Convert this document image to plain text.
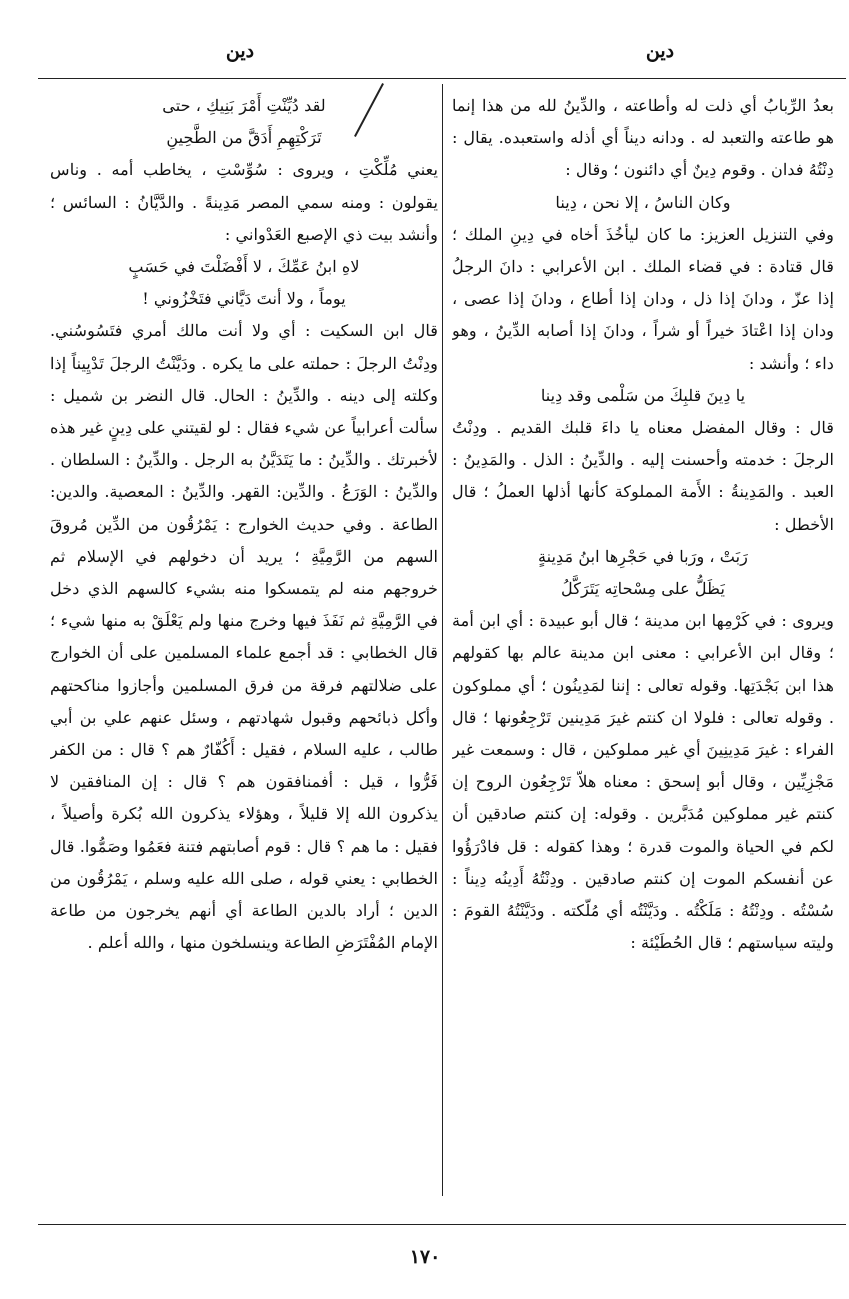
دين
دين

بعدُ الرِّبابُ أي ذلت له وأطاعته ، والدِّينُ لله من هذا إنما هو طاعته والتعبد له . ودانه ديناً أي أذله واستعبده. يقال : دِنْتُهُ فدان . وقوم دِينٌ أي دائنون ؛ وقال :

وكان الناسُ ، إلا نحن ، دِينا

وفي التنزيل العزيز: ما كان ليأخُذَ أخاه في دِينِ الملك ؛ قال قتادة : في قضاء الملك . ابن الأعرابي : دانَ الرجلُ إذا عزّ ، ودانَ إذا ذل ، ودان إذا أطاع ، ودانَ إذا عصى ، ودان إذا اعْتادَ خيراً أو شراً ، ودانَ إذا أصابه الدِّينُ ، وهو داء ؛ وأنشد :

يا دِينَ قلبِكَ من سَلْمى وقد دِينا

قال : وقال المفضل معناه يا داءَ قلبك القديم . ودِنْتُ الرجلَ : خدمته وأحسنت إليه . والدِّينُ : الذل . والمَدِينُ : العبد . والمَدِينةُ : الأَمة المملوكة كأنها أذلها العملُ ؛ قال الأخطل :

رَبَتْ ، ورَبا في حَجْرِها ابنُ مَدِينةٍ

يَظَلُّ على مِسْحاتِه يَتَرَكَّلُ

ويروى : في كَرْمِها ابن مدينة ؛ قال أبو عبيدة : أي ابن أمة ؛ وقال ابن الأعرابي : معنى ابن مدينة عالم بها كقولهم هذا ابن بَجْدَتِها. وقوله تعالى : إننا لمَدِينُون ؛ أي مملوكون . وقوله تعالى : فلولا ان كنتم غيرَ مَدِينين تَرْجِعُونها ؛ قال الفراء : غيرَ مَدِينِينَ أي غير مملوكين ، قال : وسمعت غير مَجْزِيِّين ، وقال أبو إسحق : معناه هلاّ تَرْجِعُون الروح إن كنتم غير مملوكين مُدَبَّرين . وقوله: إن كنتم صادقين أن لكم في الحياة والموت قدرة ؛ وهذا كقوله : قل فادْرَؤُوا عن أنفسكم الموت إن كنتم صادقين . ودِنْتُهُ أَدِينُه دِيناً : سُسْتُه . ودِنْتُهُ : مَلَكْتُه . ودَيَّنْتُه أي مُلّكته . ودَيَّنْتُهُ القومَ : وليته سياستهم ؛ قال الحُطَيْئة :

لقد دُيِّنْتِ أَمْرَ بَنِيكِ ، حتى

تَرَكْتِهِمِ أَدَقَّ من الطَّحِينِ

يعني مُلِّكْتِ ، ويروى : سُوِّسْتِ ، يخاطب أمه . وناس يقولون : ومنه سمي المصر مَدِينةً . والدَّيَّانُ : السائس ؛ وأنشد بيت ذي الإصبع العَدْواني :

لاهِ ابنُ عَمِّكَ ، لا أَفْضَلْتَ في حَسَبٍ

يوماً ، ولا أنتَ دَيَّاني فتَخْزُوني !

قال ابن السكيت : أي ولا أنت مالك أمري فتَسُوسُني. ودِنْتُ الرجلَ : حملته على ما يكره . ودَيَّنْتُ الرجلَ تَدْيِيناً إذا وكلته إلى دينه . والدِّينُ : الحال. قال النضر بن شميل : سألت أعرابياً عن شيء فقال : لو لقيتني على دِينٍ غير هذه لأخبرتك . والدِّينُ : ما يَتَدَيَّنُ به الرجل . والدِّينُ : السلطان . والدِّينُ : الوَرَعُ . والدِّين: القهر. والدِّينُ : المعصية. والدين: الطاعة . وفي حديث الخوارج : يَمْرُقُون من الدِّين مُروقَ السهم من الرَّمِيَّةِ ؛ يريد أن دخولهم في الإسلام ثم خروجهم منه لم يتمسكوا منه بشيء كالسهم الذي دخل في الرَّمِيَّةِ ثم نَفَذَ فيها وخرج منها ولم يَعْلَقْ به منها شيء ؛ قال الخطابي : قد أجمع علماء المسلمين على أن الخوارج على ضلالتهم فرقة من فرق المسلمين وأجازوا مناكحتهم وأكل ذبائحهم وقبول شهادتهم ، وسئل عنهم علي بن أبي طالب ، عليه السلام ، فقيل : أَكُفّارٌ هم ؟ قال : من الكفر فَرُّوا ، قيل : أفمنافقون هم ؟ قال : إن المنافقين لا يذكرون الله إلا قليلاً ، وهؤلاء يذكرون الله بُكرة وأصيلاً ، فقيل : ما هم ؟ قال : قوم أصابتهم فتنة فعَمُوا وصَمُّوا. قال الخطابي : يعني قوله ، صلى الله عليه وسلم ، يَمْرُقُون من الدين ؛ أراد بالدين الطاعة أي أنهم يخرجون من طاعة الإمام المُفْتَرَضِ الطاعة وينسلخون منها ، والله أعلم .

١٧٠
